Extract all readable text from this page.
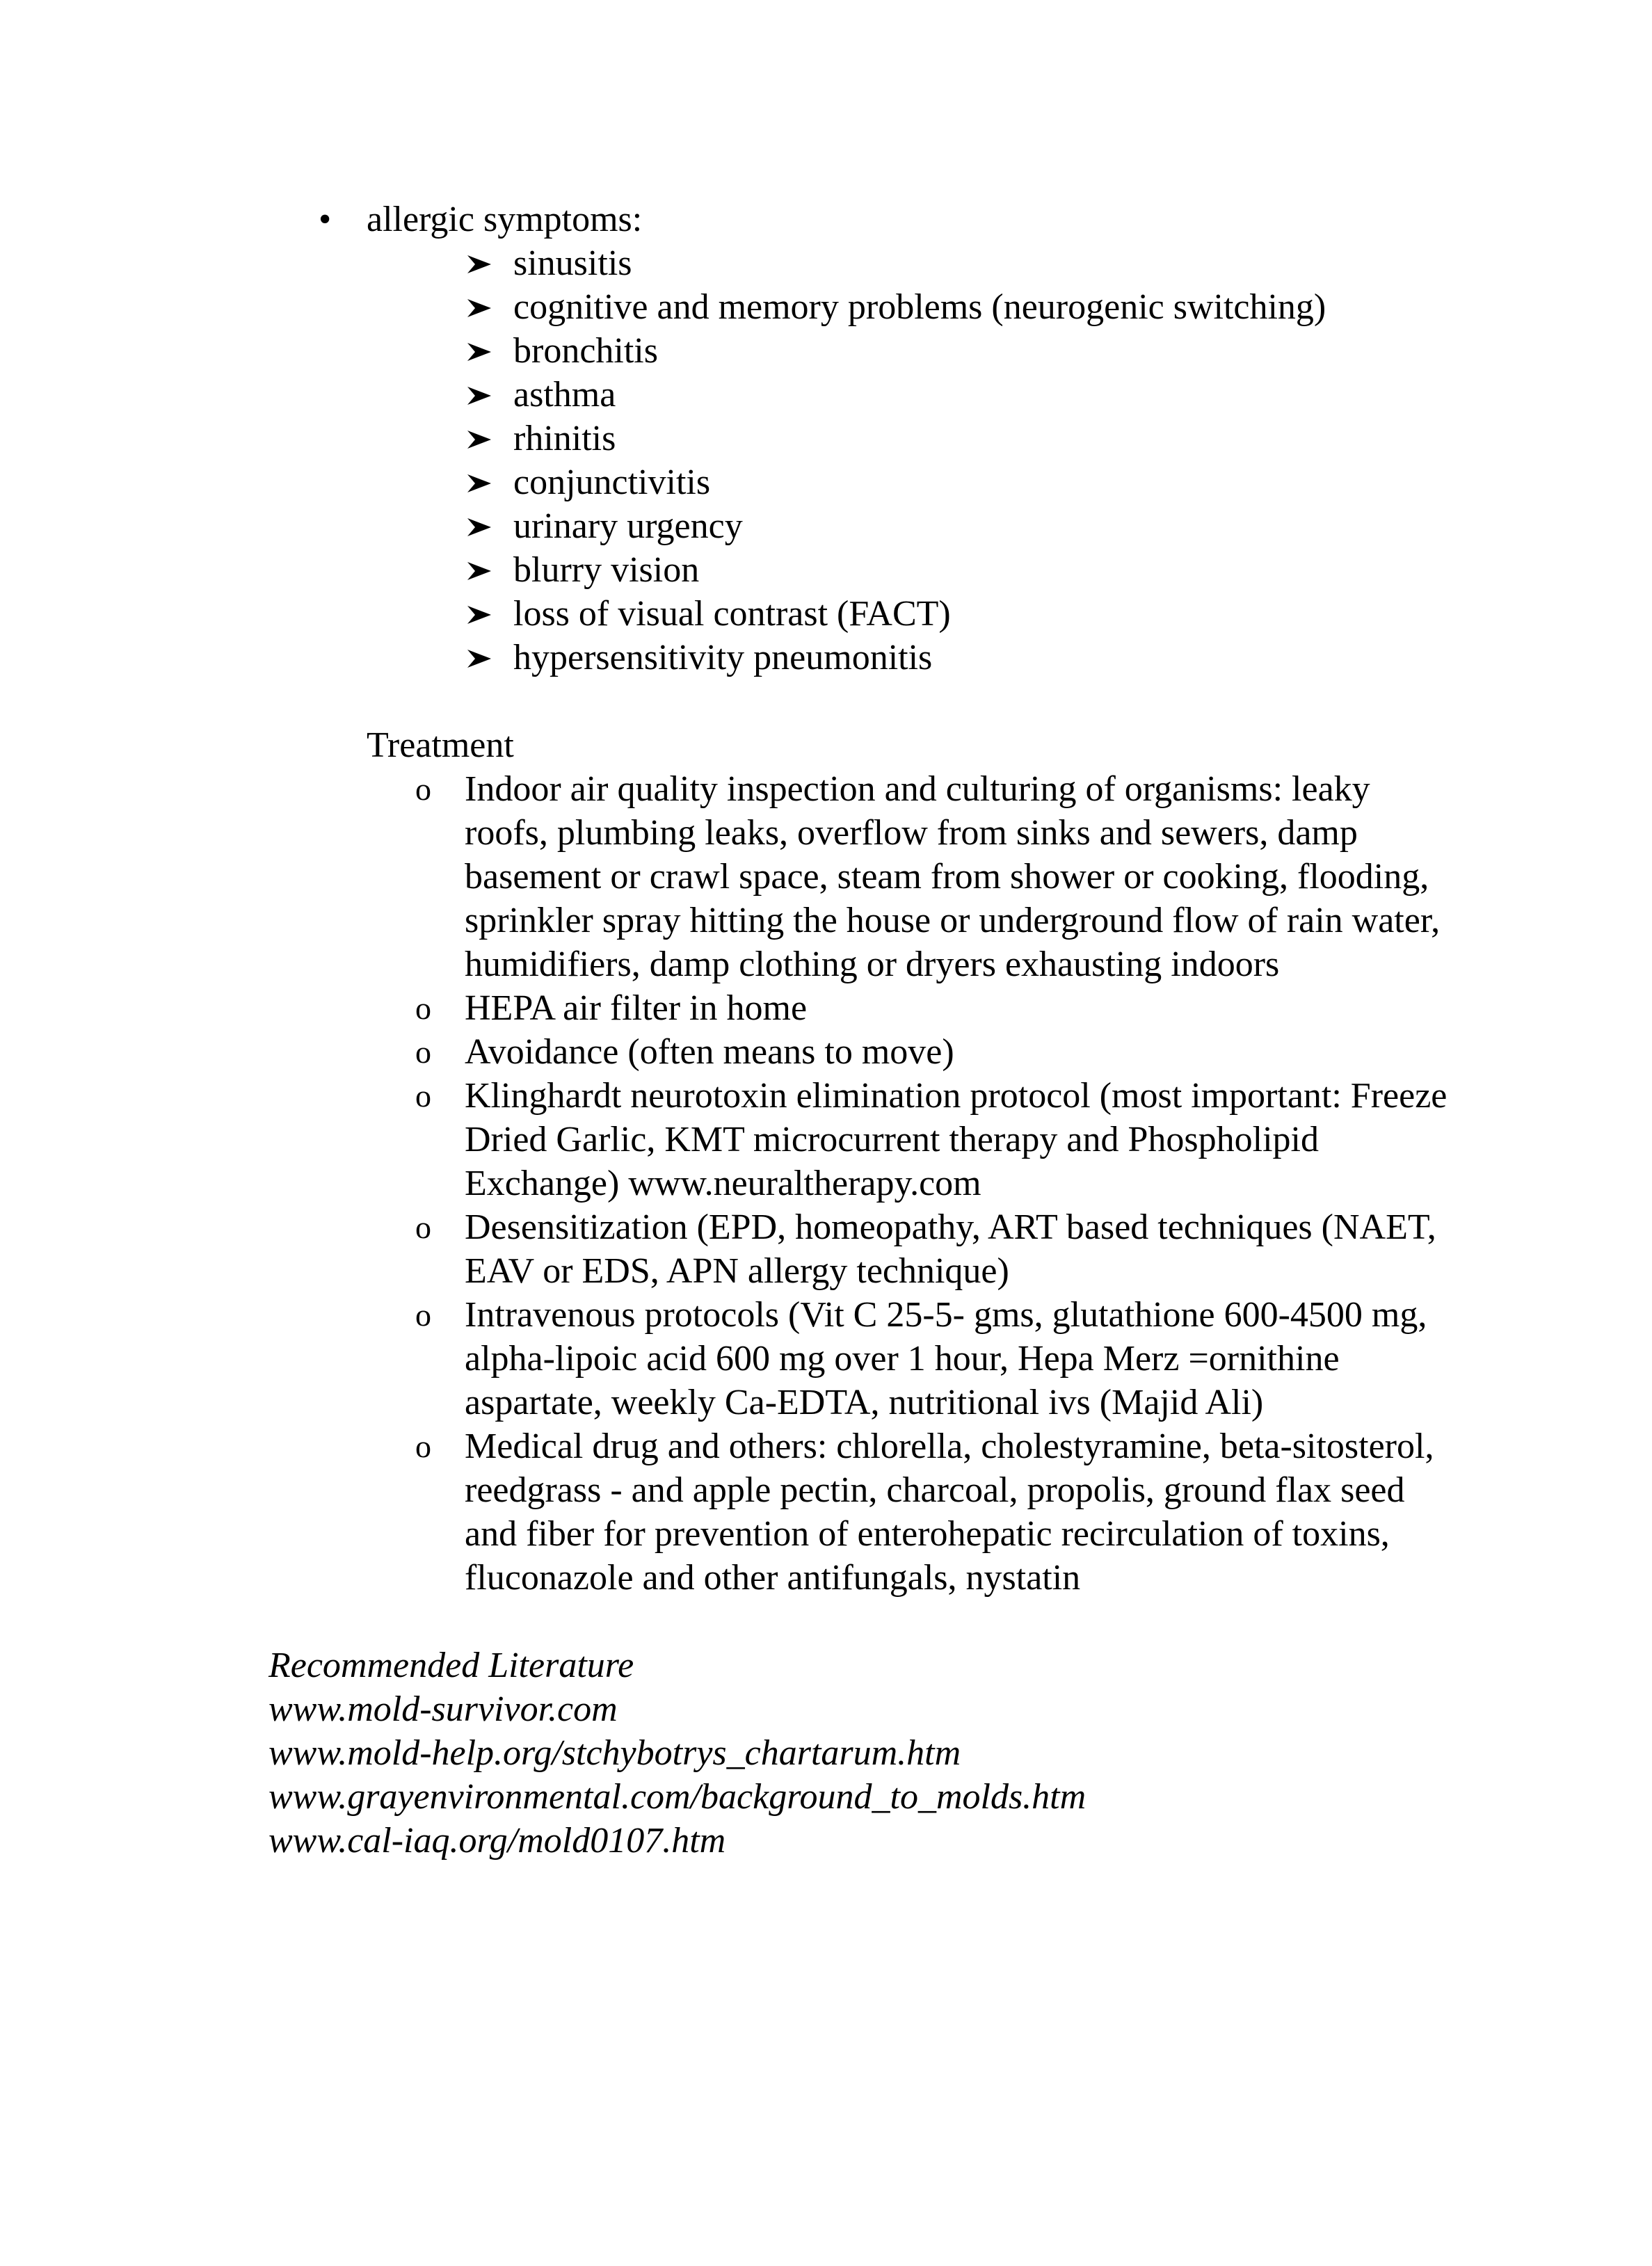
• allergic symptoms:
sinusitis
cognitive and memory problems (neurogenic switching)
bronchitis
asthma
rhinitis
conjunctivitis
urinary urgency
blurry vision
loss of visual contrast (FACT)
hypersensitivity pneumonitis
Treatment
o Indoor air quality inspection and culturing of organisms: leaky
roofs, plumbing leaks, overflow from sinks and sewers, damp
basement or crawl space, steam from shower or cooking, flooding,
sprinkler spray hitting the house or underground flow of rain water,
humidifiers, damp clothing or dryers exhausting indoors
o HEPA air filter in home
o Avoidance (often means to move)
o Klinghardt neurotoxin elimination protocol (most important: Freeze
Dried Garlic, KMT microcurrent therapy and Phospholipid
Exchange) www.neuraltherapy.com
o Desensitization (EPD, homeopathy, ART based techniques (NAET,
EAV or EDS, APN allergy technique)
o Intravenous protocols (Vit C 25-5- gms, glutathione 600-4500 mg,
alpha-lipoic acid 600 mg over 1 hour, Hepa Merz =ornithine
aspartate, weekly Ca-EDTA, nutritional ivs (Majid Ali)
o Medical drug and others: chlorella, cholestyramine, beta-sitosterol,
reedgrass - and apple pectin, charcoal, propolis, ground flax seed
and fiber for prevention of enterohepatic recirculation of toxins,
fluconazole and other antifungals, nystatin
Recommended Literature
www.mold-survivor.com
www.mold-help.org/stchybotrys_chartarum.htm
www.grayenvironmental.com/background_to_molds.htm
www.cal-iaq.org/mold0107.htm
